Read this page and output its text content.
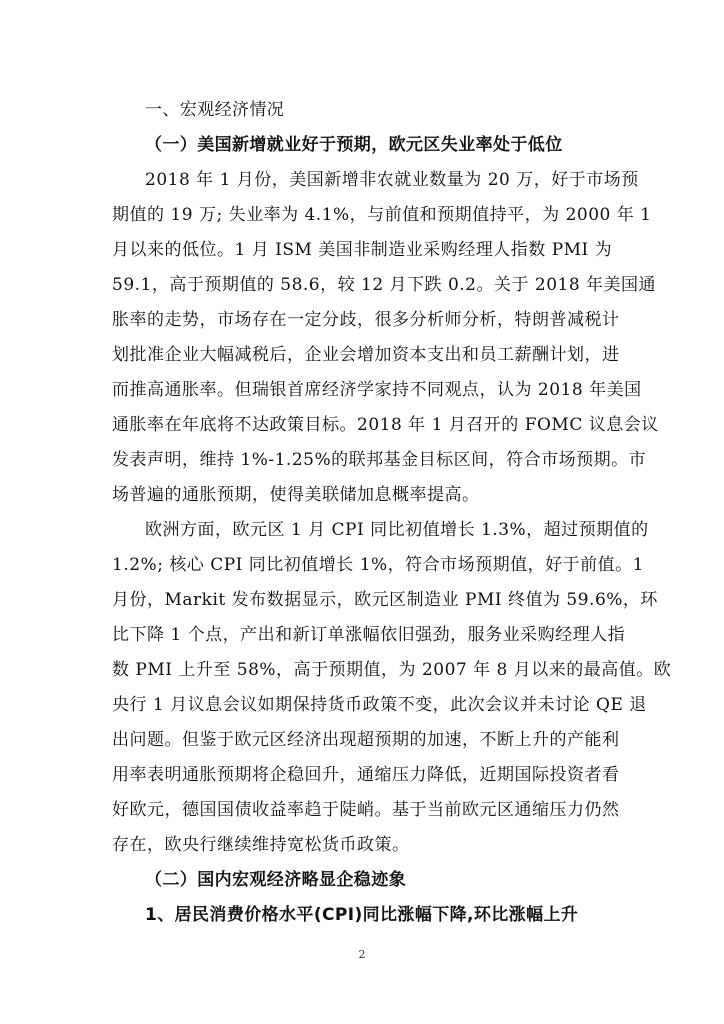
一、宏观经济情况
（一）美国新增就业好于预期，欧元区失业率处于低位
2018 年 1 月份，美国新增非农就业数量为 20 万，好于市场预
期值的 19 万; 失业率为 4.1%，与前值和预期值持平，为 2000 年 1
月以来的低位。1 月 ISM 美国非制造业采购经理人指数 PMI 为
59.1，高于预期值的 58.6，较 12 月下跌 0.2。关于 2018 年美国通
胀率的走势，市场存在一定分歧，很多分析师分析，特朗普减税计
划批准企业大幅减税后，企业会增加资本支出和员工薪酬计划，进
而推高通胀率。但瑞银首席经济学家持不同观点，认为 2018 年美国
通胀率在年底将不达政策目标。2018 年 1 月召开的 FOMC 议息会议
发表声明，维持 1%-1.25%的联邦基金目标区间，符合市场预期。市
场普遍的通胀预期，使得美联储加息概率提高。
欧洲方面，欧元区 1 月 CPI 同比初值增长 1.3%，超过预期值的
1.2%; 核心 CPI 同比初值增长 1%，符合市场预期值，好于前值。1
月份，Markit 发布数据显示，欧元区制造业 PMI 终值为 59.6%，环
比下降 1 个点，产出和新订单涨幅依旧强劲，服务业采购经理人指
数 PMI 上升至 58%，高于预期值，为 2007 年 8 月以来的最高值。欧
央行 1 月议息会议如期保持货币政策不变，此次会议并未讨论 QE 退
出问题。但鉴于欧元区经济出现超预期的加速，不断上升的产能利
用率表明通胀预期将企稳回升，通缩压力降低，近期国际投资者看
好欧元，德国国债收益率趋于陡峭。基于当前欧元区通缩压力仍然
存在，欧央行继续维持宽松货币政策。
（二）国内宏观经济略显企稳迹象
1、居民消费价格水平(CPI)同比涨幅下降,环比涨幅上升
2
